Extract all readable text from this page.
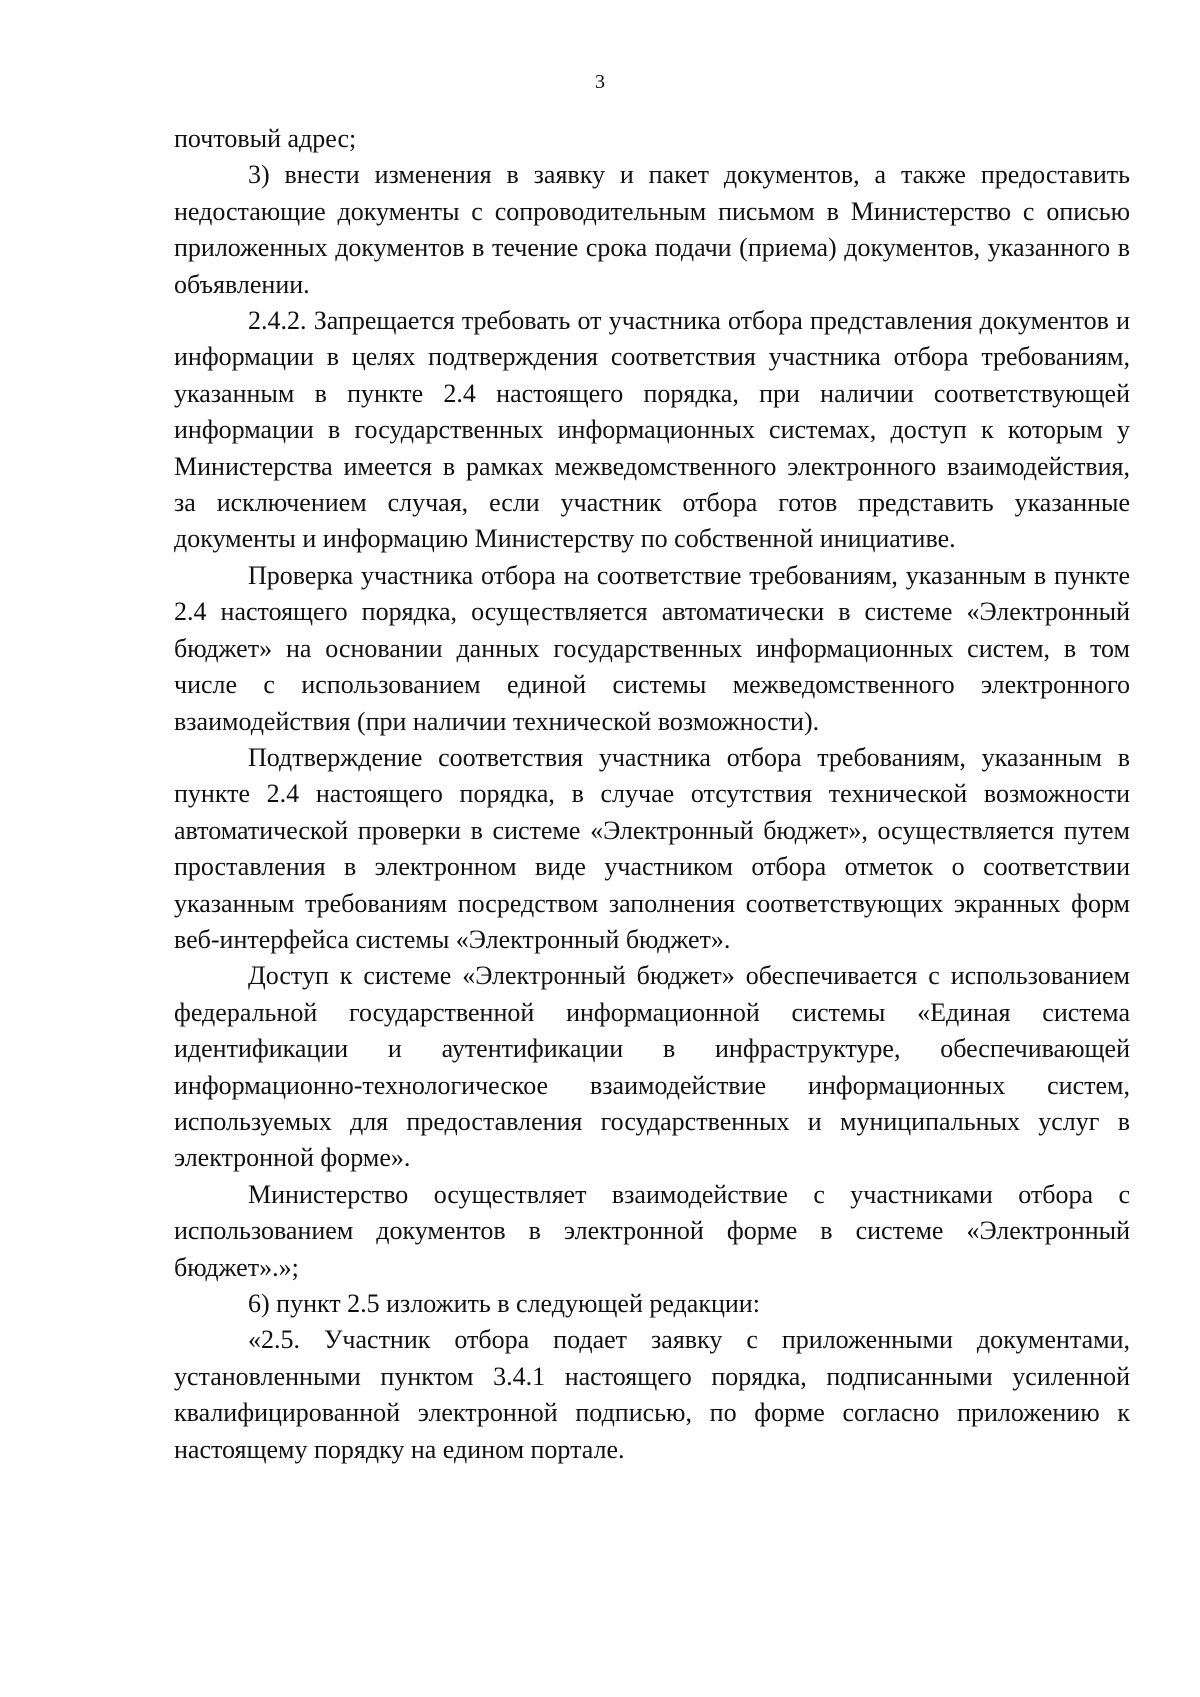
3

почтовый адрес;

3) внести изменения в заявку и пакет документов, а также предоставить недостающие документы с сопроводительным письмом в Министерство с описью приложенных документов в течение срока подачи (приема) документов, указанного в объявлении.

2.4.2. Запрещается требовать от участника отбора представления документов и информации в целях подтверждения соответствия участника отбора требованиям, указанным в пункте 2.4 настоящего порядка, при наличии соответствующей информации в государственных информационных системах, доступ к которым у Министерства имеется в рамках межведомственного электронного взаимодействия, за исключением случая, если участник отбора готов представить указанные документы и информацию Министерству по собственной инициативе.

Проверка участника отбора на соответствие требованиям, указанным в пункте 2.4 настоящего порядка, осуществляется автоматически в системе «Электронный бюджет» на основании данных государственных информационных систем, в том числе с использованием единой системы межведомственного электронного взаимодействия (при наличии технической возможности).

Подтверждение соответствия участника отбора требованиям, указанным в пункте 2.4 настоящего порядка, в случае отсутствия технической возможности автоматической проверки в системе «Электронный бюджет», осуществляется путем проставления в электронном виде участником отбора отметок о соответствии указанным требованиям посредством заполнения соответствующих экранных форм веб-интерфейса системы «Электронный бюджет».

Доступ к системе «Электронный бюджет» обеспечивается с использованием федеральной государственной информационной системы «Единая система идентификации и аутентификации в инфраструктуре, обеспечивающей информационно-технологическое взаимодействие информационных систем, используемых для предоставления государственных и муниципальных услуг в электронной форме».

Министерство осуществляет взаимодействие с участниками отбора с использованием документов в электронной форме в системе «Электронный бюджет».»;

6) пункт 2.5 изложить в следующей редакции:

«2.5. Участник отбора подает заявку с приложенными документами, установленными пунктом 3.4.1 настоящего порядка, подписанными усиленной квалифицированной электронной подписью, по форме согласно приложению к настоящему порядку на едином портале.
